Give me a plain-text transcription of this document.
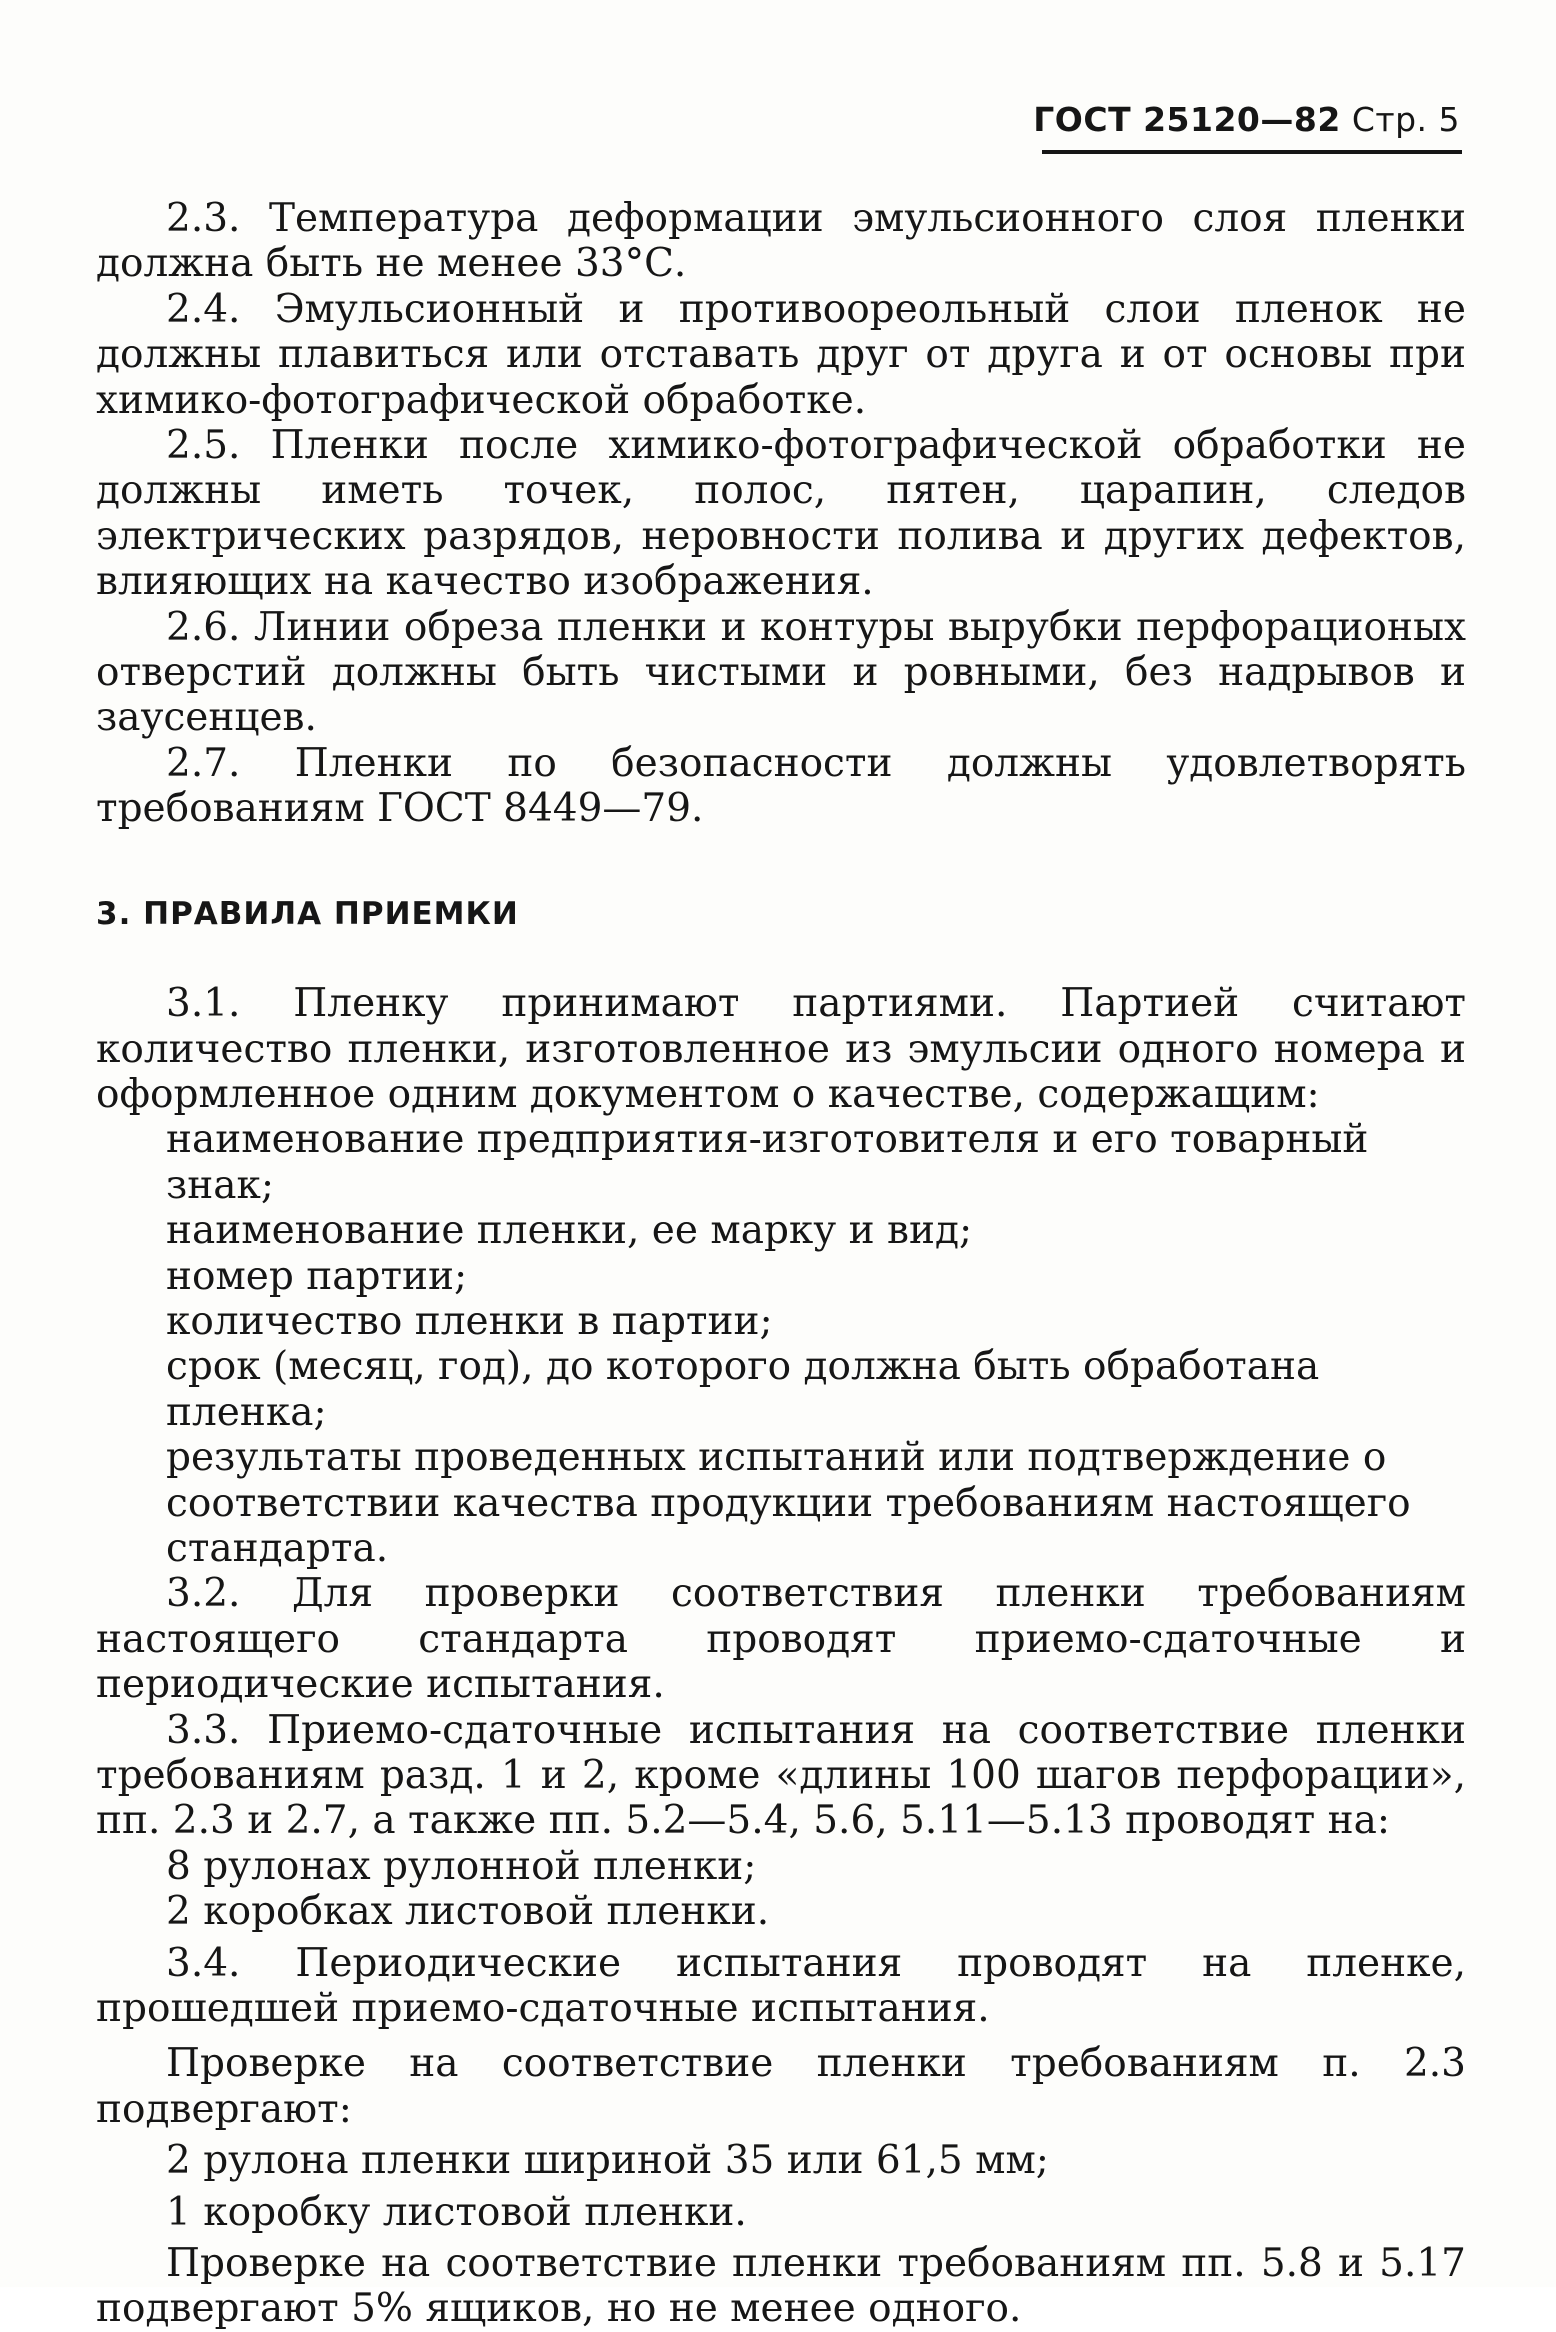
ГОСТ 25120—82 Стр. 5

2.3. Температура деформации эмульсионного слоя пленки должна быть не менее 33°С.

2.4. Эмульсионный и противоореольный слои пленок не должны плавиться или отставать друг от друга и от основы при химико-фотографической обработке.

2.5. Пленки после химико-фотографической обработки не должны иметь точек, полос, пятен, царапин, следов электрических разрядов, неровности полива и других дефектов, влияющих на качество изображения.

2.6. Линии обреза пленки и контуры вырубки перфорационых отверстий должны быть чистыми и ровными, без надрывов и заусенцев.

2.7. Пленки по безопасности должны удовлетворять требованиям ГОСТ 8449—79.

3. ПРАВИЛА ПРИЕМКИ

3.1. Пленку принимают партиями. Партией считают количество пленки, изготовленное из эмульсии одного номера и оформленное одним документом о качестве, содержащим:

наименование предприятия-изготовителя и его товарный знак;

наименование пленки, ее марку и вид;

номер партии;

количество пленки в партии;

срок (месяц, год), до которого должна быть обработана пленка;

результаты проведенных испытаний или подтверждение о соответствии качества продукции требованиям настоящего стандарта.

3.2. Для проверки соответствия пленки требованиям настоящего стандарта проводят приемо-сдаточные и периодические испытания.

3.3. Приемо-сдаточные испытания на соответствие пленки требованиям разд. 1 и 2, кроме «длины 100 шагов перфорации», пп. 2.3 и 2.7, а также пп. 5.2—5.4, 5.6, 5.11—5.13 проводят на:

8 рулонах рулонной пленки;

2 коробках листовой пленки.

3.4. Периодические испытания проводят на пленке, прошедшей приемо-сдаточные испытания.

Проверке на соответствие пленки требованиям п. 2.3 подвергают:

2 рулона пленки шириной 35 или 61,5 мм;

1 коробку листовой пленки.

Проверке на соответствие пленки требованиям пп. 5.8 и 5.17 подвергают 5% ящиков, но не менее одного.
